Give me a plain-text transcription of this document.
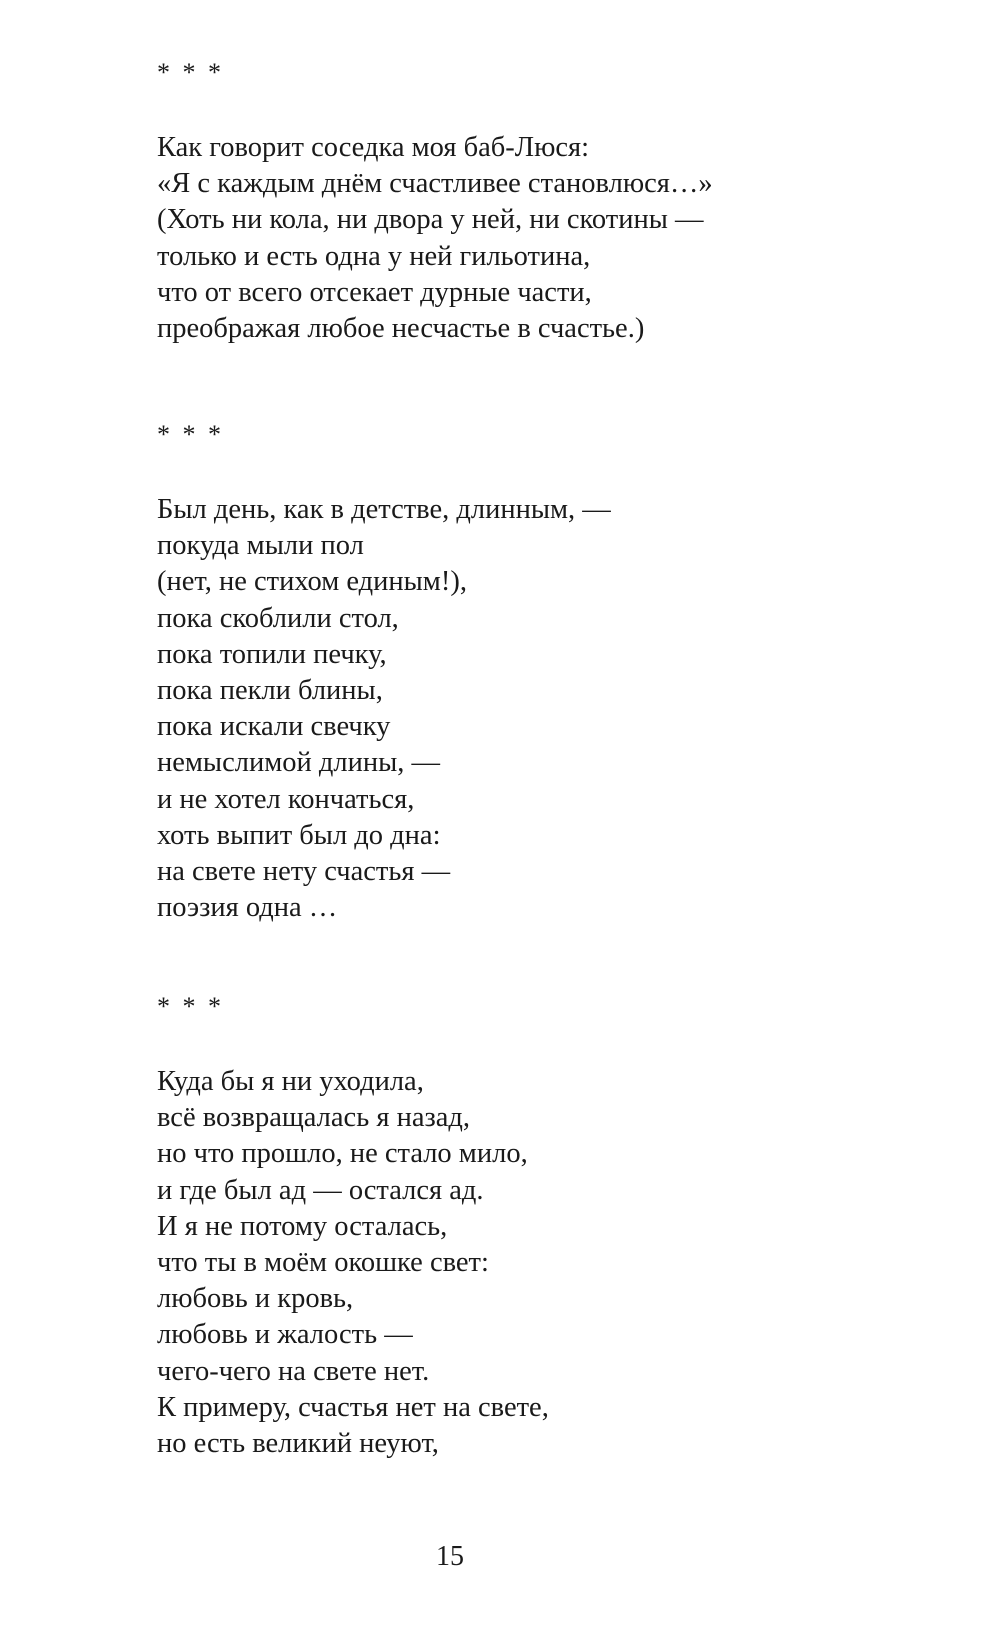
* * *
Как говорит соседка моя баб-Люся:
«Я с каждым днём счастливее становлюся…»
(Хоть ни кола, ни двора у ней, ни скотины —
только и есть одна у ней гильотина,
что от всего отсекает дурные части,
преображая любое несчастье в счастье.)
* * *
Был день, как в детстве, длинным, —
покуда мыли пол
(нет, не стихом единым!),
пока скоблили стол,
пока топили печку,
пока пекли блины,
пока искали свечку
немыслимой длины, —
и не хотел кончаться,
хоть выпит был до дна:
на свете нету счастья —
поэзия одна …
* * *
Куда бы я ни уходила,
всё возвращалась я назад,
но что прошло, не стало мило,
и где был ад — остался ад.
И я не потому осталась,
что ты в моём окошке свет:
любовь и кровь,
любовь и жалость —
чего-чего на свете нет.
К примеру, счастья нет на свете,
но есть великий неуют,
15
